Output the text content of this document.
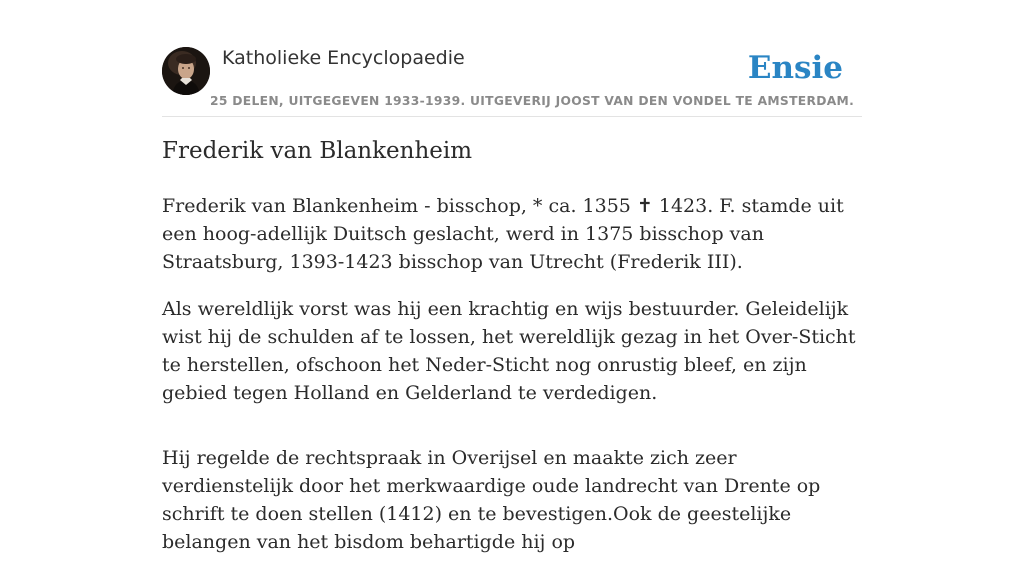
Katholieke Encyclopaedie
25 DELEN, UITGEGEVEN 1933-1939. UITGEVERIJ JOOST VAN DEN VONDEL TE AMSTERDAM.
Ensie
Frederik van Blankenheim

Frederik van Blankenheim - bisschop, * ca. 1355 ✝ 1423. F. stamde uit een hoog-adellijk Duitsch geslacht, werd in 1375 bisschop van Straatsburg, 1393-1423 bisschop van Utrecht (Frederik III).

Als wereldlijk vorst was hij een krachtig en wijs bestuurder. Geleidelijk wist hij de schulden af te lossen, het wereldlijk gezag in het Over-Sticht te herstellen, ofschoon het Neder-Sticht nog onrustig bleef, en zijn gebied tegen Holland en Gelderland te verdedigen.

Hij regelde de rechtspraak in Overijsel en maakte zich zeer verdienstelijk door het merkwaardige oude landrecht van Drente op schrift te doen stellen (1412) en te bevestigen.Ook de geestelijke belangen van het bisdom behartigde hij op
